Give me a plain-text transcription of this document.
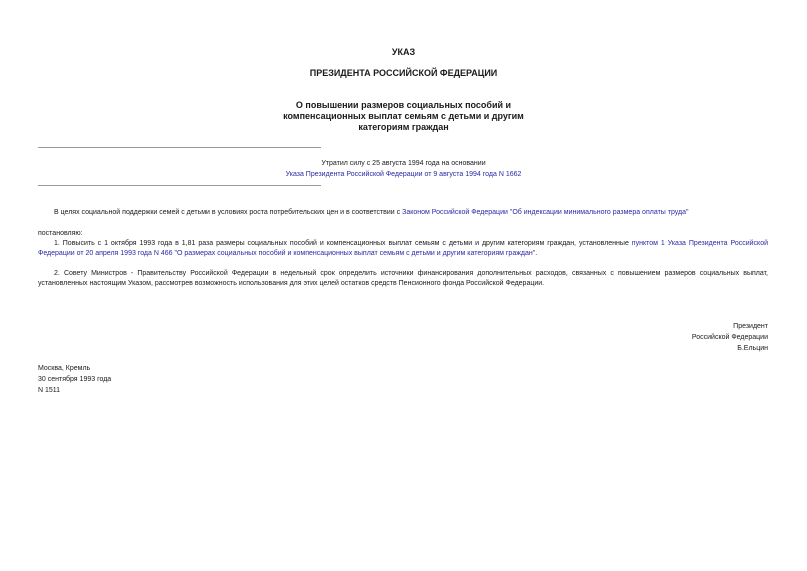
УКАЗ
ПРЕЗИДЕНТА РОССИЙСКОЙ ФЕДЕРАЦИИ
О повышении размеров социальных пособий и
компенсационных выплат семьям с детьми и другим
категориям граждан
Утратил силу с 25 августа 1994 года на основании
Указа Президента Российской Федерации от 9 августа 1994 года N 1662
В целях социальной поддержки семей с детьми в условиях роста потребительских цен и в соответствии с Законом Российской Федерации "Об индексации минимального размера оплаты труда"
постановляю:
1. Повысить с 1 октября 1993 года в 1,81 раза размеры социальных пособий и компенсационных выплат семьям с детьми и другим категориям граждан, установленные пунктом 1 Указа Президента Российской Федерации от 20 апреля 1993 года N 466 "О размерах социальных пособий и компенсационных выплат семьям с детьми и другим категориям граждан".
2. Совету Министров - Правительству Российской Федерации в недельный срок определить источники финансирования дополнительных расходов, связанных с повышением размеров социальных выплат, установленных настоящим Указом, рассмотрев возможность использования для этих целей остатков средств Пенсионного фонда Российской Федерации.
Президент
Российской Федерации
Б.Ельцин
Москва, Кремль
30 сентября 1993 года
N 1511
